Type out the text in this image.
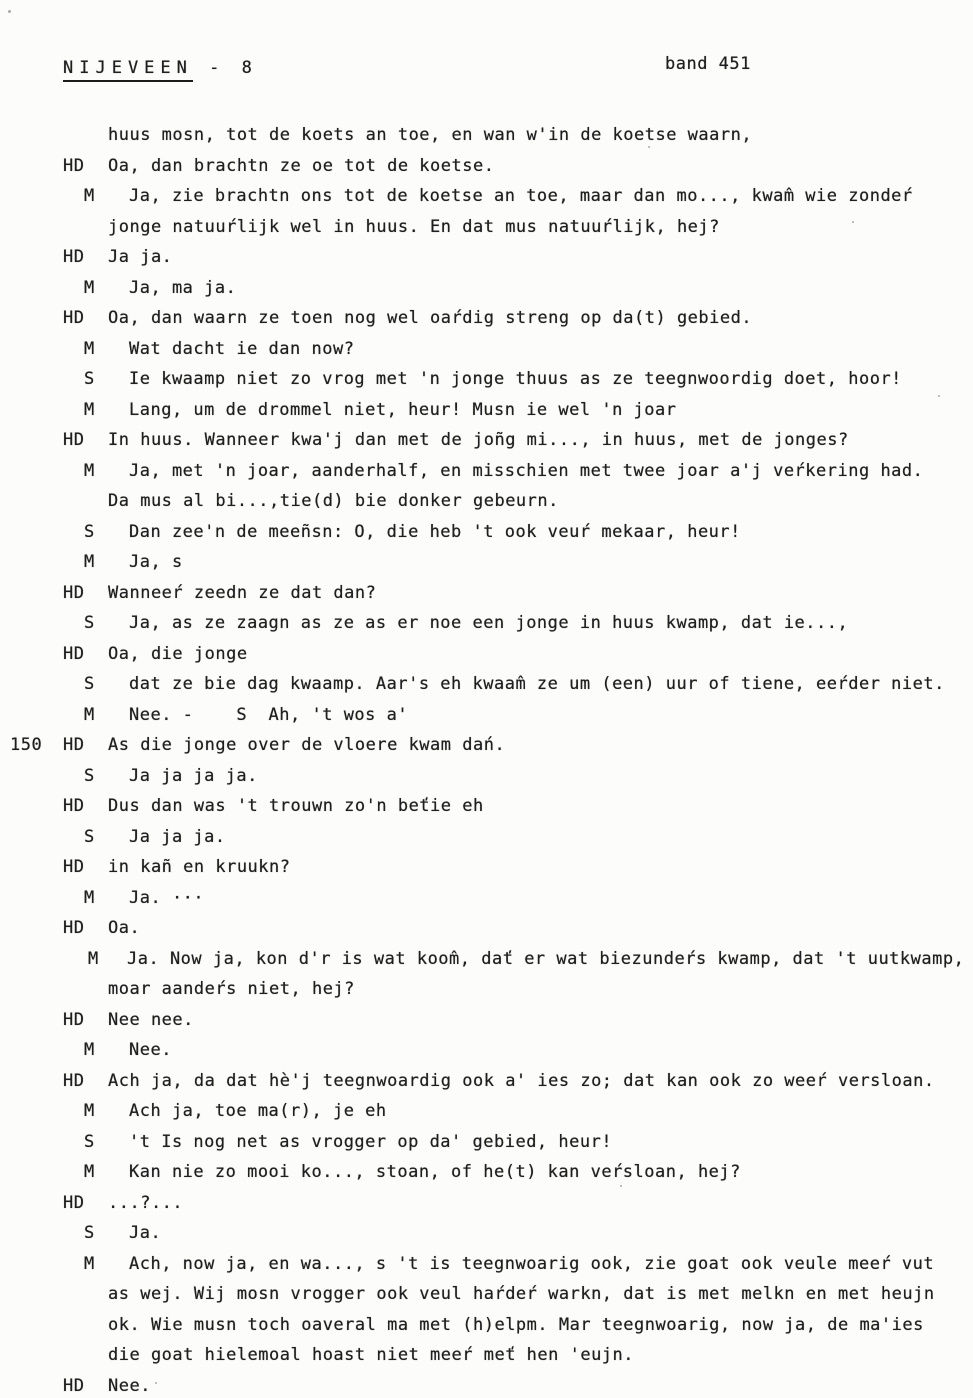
NIJEVEEN - 8	band 451
huus mosn, tot de koets an toe, en wan w'in de koetse waarn,
HD	Oa, dan brachtn ze oe tot de koetse.
M	Ja, zie brachtn ons tot de koetse an toe, maar dan mo..., kwam̂ wie zondeŕ
jonge natuuŕlijk wel in huus. En dat mus natuuŕlijk, hej?
HD	Ja ja.
M	Ja, ma ja.
HD	Oa, dan waarn ze toen nog wel oaŕdig streng op da(t) gebied.
M	Wat dacht ie dan now?
S	Ie kwaamp niet zo vrog met 'n jonge thuus as ze teegnwoordig doet, hoor!
M	Lang, um de drommel niet, heur! Musn ie wel 'n joar
HD	In huus. Wanneer kwa'j dan met de joñg mi..., in huus, met de jonges?
M	Ja, met 'n joar, aanderhalf, en misschien met twee joar a'j veŕkering had.
Da mus al bi...,tie(d) bie donker gebeurn.
S	Dan zee'n de meeñsn: O, die heb 't ook veuŕ mekaar, heur!
M	Ja, s
HD	Wanneeŕ zeedn ze dat dan?
S	Ja, as ze zaagn as ze as er noe een jonge in huus kwamp, dat ie...,
HD	Oa, die jonge
S	dat ze bie dag kwaamp. Aar's eh kwaam̂ ze um (een) uur of tiene, eeŕder niet.
M	Nee. -    S  Ah, 't wos a'
150	HD	As die jonge over de vloere kwam dań.
S	Ja ja ja ja.
HD	Dus dan was 't trouwn zo'n beťie eh
S	Ja ja ja.
HD	in kañ en kruukn?
M	Ja. ···
HD	Oa.
M	Ja. Now ja, kon d'r is wat koom̂, dať er wat biezundeŕs kwamp, dat 't uutkwamp,
moar aandeŕs niet, hej?
HD	Nee nee.
M	Nee.
HD	Ach ja, da dat hè'j teegnwoardig ook a' ies zo; dat kan ook zo weeŕ versloan.
M	Ach ja, toe ma(r), je eh
S	't Is nog net as vrogger op da' gebied, heur!
M	Kan nie zo mooi ko..., stoan, of he(t) kan veŕsloan, hej?
HD	...?...
S	Ja.
M	Ach, now ja, en wa..., s 't is teegnwoarig ook, zie goat ook veule meeŕ vut
as wej. Wij mosn vrogger ook veul haŕdeŕ warkn, dat is met melkn en met heujn
ok. Wie musn toch oaveral ma met (h)elpm. Mar teegnwoarig, now ja, de ma'ies
die goat hielemoal hoast niet meeŕ meť hen 'eujn.
HD	Nee.
